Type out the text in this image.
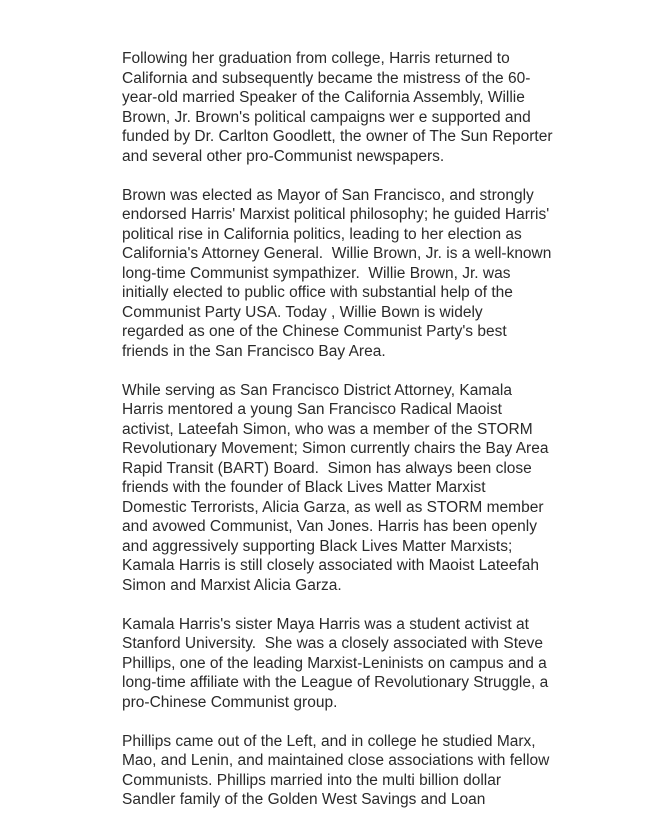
Following her graduation from college, Harris returned to
California and subsequently became the mistress of the 60-
year-old married Speaker of the California Assembly, Willie
Brown, Jr. Brown's political campaigns wer e supported and
funded by Dr. Carlton Goodlett, the owner of The Sun Reporter
and several other pro-Communist newspapers.
Brown was elected as Mayor of San Francisco, and strongly
endorsed Harris' Marxist political philosophy; he guided Harris'
political rise in California politics, leading to her election as
California's Attorney General.  Willie Brown, Jr. is a well-known
long-time Communist sympathizer.  Willie Brown, Jr. was
initially elected to public office with substantial help of the
Communist Party USA. Today , Willie Bown is widely
regarded as one of the Chinese Communist Party's best
friends in the San Francisco Bay Area.
While serving as San Francisco District Attorney, Kamala
Harris mentored a young San Francisco Radical Maoist
activist, Lateefah Simon, who was a member of the STORM
Revolutionary Movement; Simon currently chairs the Bay Area
Rapid Transit (BART) Board.  Simon has always been close
friends with the founder of Black Lives Matter Marxist
Domestic Terrorists, Alicia Garza, as well as STORM member
and avowed Communist, Van Jones. Harris has been openly
and aggressively supporting Black Lives Matter Marxists;
Kamala Harris is still closely associated with Maoist Lateefah
Simon and Marxist Alicia Garza.
Kamala Harris's sister Maya Harris was a student activist at
Stanford University.  She was a closely associated with Steve
Phillips, one of the leading Marxist-Leninists on campus and a
long-time affiliate with the League of Revolutionary Struggle, a
pro-Chinese Communist group.
Phillips came out of the Left, and in college he studied Marx,
Mao, and Lenin, and maintained close associations with fellow
Communists. Phillips married into the multi billion dollar
Sandler family of the Golden West Savings and Loan
